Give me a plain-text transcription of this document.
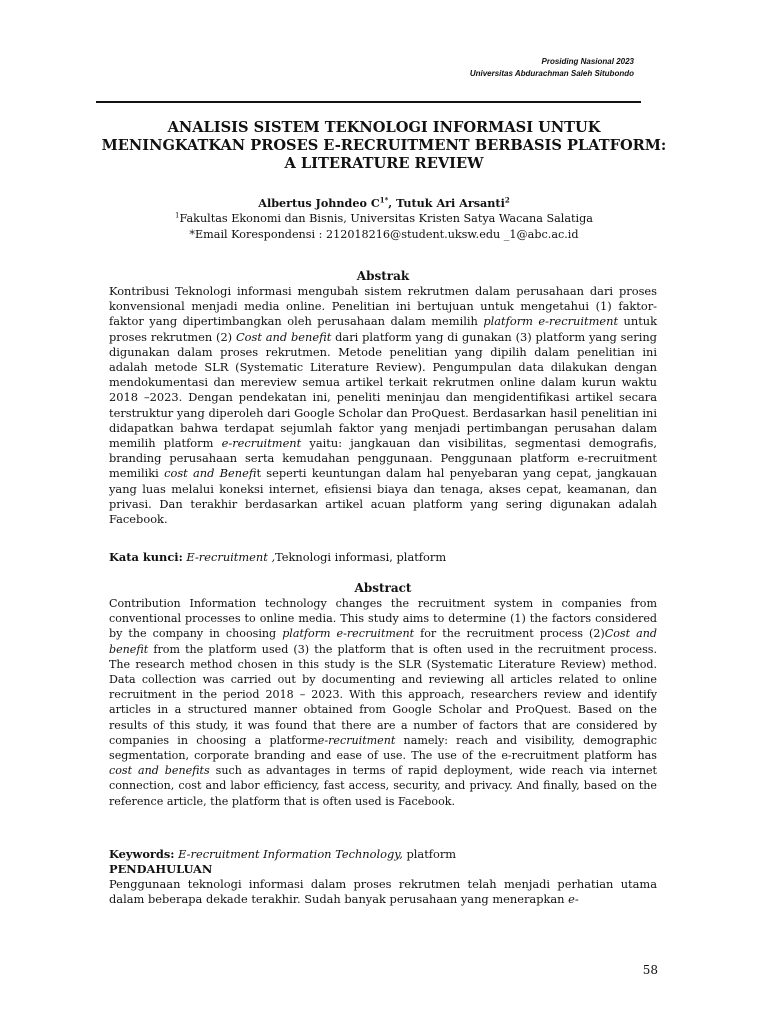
Prosiding Nasional 2023
Universitas Abdurachman Saleh Situbondo
ANALISIS SISTEM TEKNOLOGI INFORMASI UNTUK
MENINGKATKAN PROSES E-RECRUITMENT BERBASIS PLATFORM:
A LITERATURE REVIEW
Albertus Johndeo $C^{1*}$, Tutuk Ari Arsanti$^2$
$^1$Fakultas Ekonomi dan Bisnis, Universitas Kristen Satya Wacana Salatiga
*Email Korespondensi : 212018216@student.uksw.edu _1@abc.ac.id
Abstrak
Kontribusi Teknologi informasi mengubah sistem rekrutmen dalam perusahaan dari proses konvensional menjadi media online. Penelitian ini bertujuan untuk mengetahui (1) faktor-faktor yang dipertimbangkan oleh perusahaan dalam memilih platform e-recruitment untuk proses rekrutmen (2) Cost and benefit dari platform yang di gunakan (3) platform yang sering digunakan dalam proses rekrutmen. Metode penelitian yang dipilih dalam penelitian ini adalah metode SLR (Systematic Literature Review). Pengumpulan data dilakukan dengan mendokumentasi dan mereview semua artikel terkait rekrutmen online dalam kurun waktu 2018 –2023. Dengan pendekatan ini, peneliti meninjau dan mengidentifikasi artikel secara terstruktur yang diperoleh dari Google Scholar dan ProQuest. Berdasarkan hasil penelitian ini didapatkan bahwa terdapat sejumlah faktor yang menjadi pertimbangan perusahan dalam memilih platform e-recruitment yaitu: jangkauan dan visibilitas, segmentasi demografis, branding perusahaan serta kemudahan penggunaan. Penggunaan platform e-recruitment memiliki cost and Benefit seperti keuntungan dalam hal penyebaran yang cepat, jangkauan yang luas melalui koneksi internet, efisiensi biaya dan tenaga, akses cepat, keamanan, dan privasi. Dan terakhir berdasarkan artikel acuan platform yang sering digunakan adalah Facebook.
Kata kunci: E-recruitment ,Teknologi informasi, platform
Abstract
Contribution Information technology changes the recruitment system in companies from conventional processes to online media. This study aims to determine (1) the factors considered by the company in choosing platform e-recruitment for the recruitment process (2)Cost and benefit from the platform used (3) the platform that is often used in the recruitment process. The research method chosen in this study is the SLR (Systematic Literature Review) method. Data collection was carried out by documenting and reviewing all articles related to online recruitment in the period 2018 – 2023. With this approach, researchers review and identify articles in a structured manner obtained from Google Scholar and ProQuest. Based on the results of this study, it was found that there are a number of factors that are considered by companies in choosing a platforme-recruitment namely: reach and visibility, demographic segmentation, corporate branding and ease of use. The use of the e-recruitment platform has cost and benefits such as advantages in terms of rapid deployment, wide reach via internet connection, cost and labor efficiency, fast access, security, and privacy. And finally, based on the reference article, the platform that is often used is Facebook.
Keywords: E-recruitment Information Technology, platform
PENDAHULUAN
Penggunaan teknologi informasi dalam proses rekrutmen telah menjadi perhatian utama dalam beberapa dekade terakhir. Sudah banyak perusahaan yang menerapkan e-
58
